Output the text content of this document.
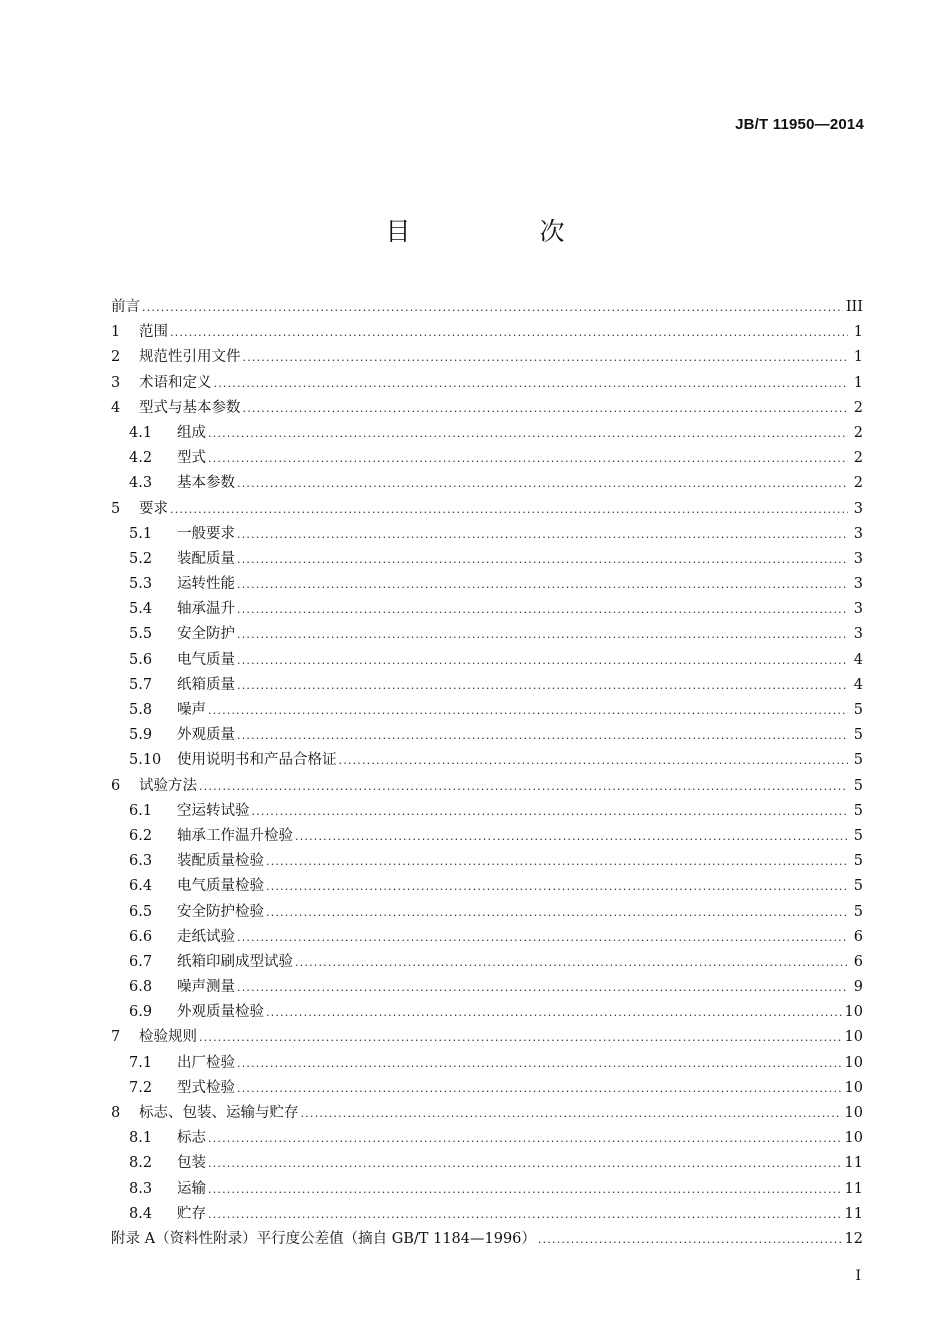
JB/T 11950—2014
目　次
前言 .....	III
1	范围 .....	1
2	规范性引用文件 .....	1
3	术语和定义 .....	1
4	型式与基本参数 .....	2
4.1	组成 .....	2
4.2	型式 .....	2
4.3	基本参数 .....	2
5	要求 .....	3
5.1	一般要求 .....	3
5.2	装配质量 .....	3
5.3	运转性能 .....	3
5.4	轴承温升 .....	3
5.5	安全防护 .....	3
5.6	电气质量 .....	4
5.7	纸箱质量 .....	4
5.8	噪声 .....	5
5.9	外观质量 .....	5
5.10	使用说明书和产品合格证 .....	5
6	试验方法 .....	5
6.1	空运转试验 .....	5
6.2	轴承工作温升检验 .....	5
6.3	装配质量检验 .....	5
6.4	电气质量检验 .....	5
6.5	安全防护检验 .....	5
6.6	走纸试验 .....	6
6.7	纸箱印刷成型试验 .....	6
6.8	噪声测量 .....	9
6.9	外观质量检验 .....	10
7	检验规则 .....	10
7.1	出厂检验 .....	10
7.2	型式检验 .....	10
8	标志、包装、运输与贮存 .....	10
8.1	标志 .....	10
8.2	包装 .....	11
8.3	运输 .....	11
8.4	贮存 .....	11
附录 A（资料性附录）平行度公差值（摘自 GB/T 1184—1996） .....	12
I
